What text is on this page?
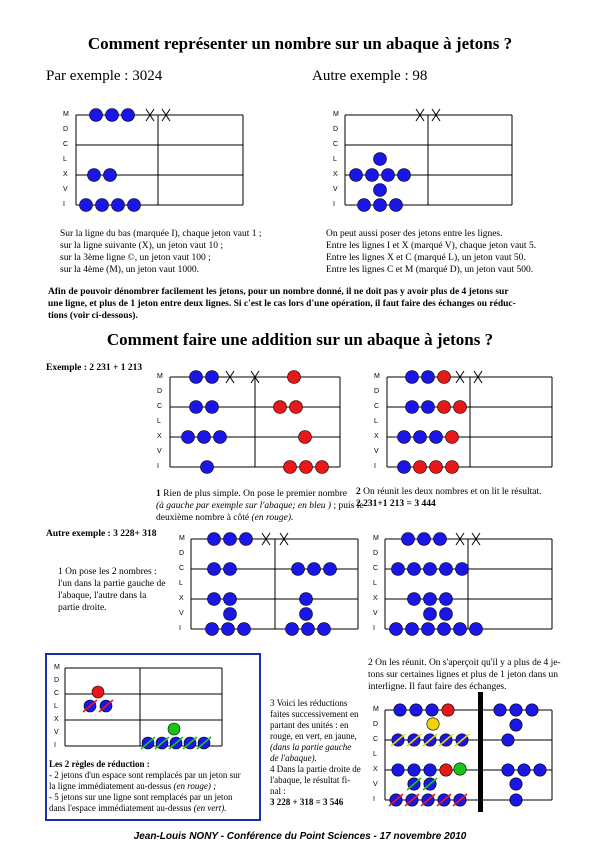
Comment représenter un nombre sur un abaque à jetons ?
Par exemple : 3024	Autre exemple : 98
M
D
C
L
X
V
I
M
D
C
L
X
V
I
Sur la ligne du bas (marquée I), chaque jeton vaut 1 ;
sur la ligne suivante (X), un jeton vaut 10 ;
sur la 3ème ligne ©, un jeton vaut 100 ;
sur la 4ème (M), un jeton vaut 1000.
On peut aussi poser des jetons entre les lignes.
Entre les lignes I et X (marqué V), chaque jeton vaut 5.
Entre les lignes X et C (marqué L), un jeton vaut 50.
Entre les lignes C et M (marqué D), un jeton vaut 500.
Afin de pouvoir dénombrer facilement les jetons, pour un nombre donné, il ne doit pas y avoir plus de 4 jetons sur
une ligne, et plus de 1 jeton entre deux lignes. Si c'est le cas lors d'une opération, il faut faire des échanges ou réduc-
tions (voir ci-dessous).
Comment faire une addition sur un abaque à jetons ?
Exemple : 2 231 + 1 213
M
D
C
L
X
V
I
M
D
C
L
X
V
I
1 Rien de plus simple. On pose le premier nombre
(à gauche par exemple sur l'abaque; en bleu ) ; puis le deuxième nombre à côté (en rouge).
2 On réunit les deux nombres et on lit le résultat.
2 231+1 213 = 3 444
Autre exemple : 3 228+ 318
1 On pose les 2 nombres :
l'un dans la partie gauche de
l'abaque, l'autre dans la
partie droite.
M
D
C
L
X
V
I
M
D
C
L
X
V
I
M
D
C
L
X
V
I
Les 2 règles de réduction :
- 2 jetons d'un espace sont remplacés par un jeton sur
la ligne immédiatement au-dessus (en rouge) ;
- 5 jetons sur une ligne sont remplacés par un jeton
dans l'espace immédiatement au-dessus (en vert).
2 On les réunit. On s'aperçoit qu'il y a plus de 4 je-
tons sur certaines lignes et plus de 1 jeton dans un
interligne. Il faut faire des échanges.
3 Voici les réductions
faites successivement en
partant des unités : en
rouge, en vert, en jaune,
(dans la partie gauche
de l'abaque).
4 Dans la partie droite de
l'abaque, le résultat fi-
nal :
3 228 + 318 = 3 546
M
D
C
L
X
V
I
Jean-Louis NONY - Conférence du Point Sciences - 17 novembre 2010
